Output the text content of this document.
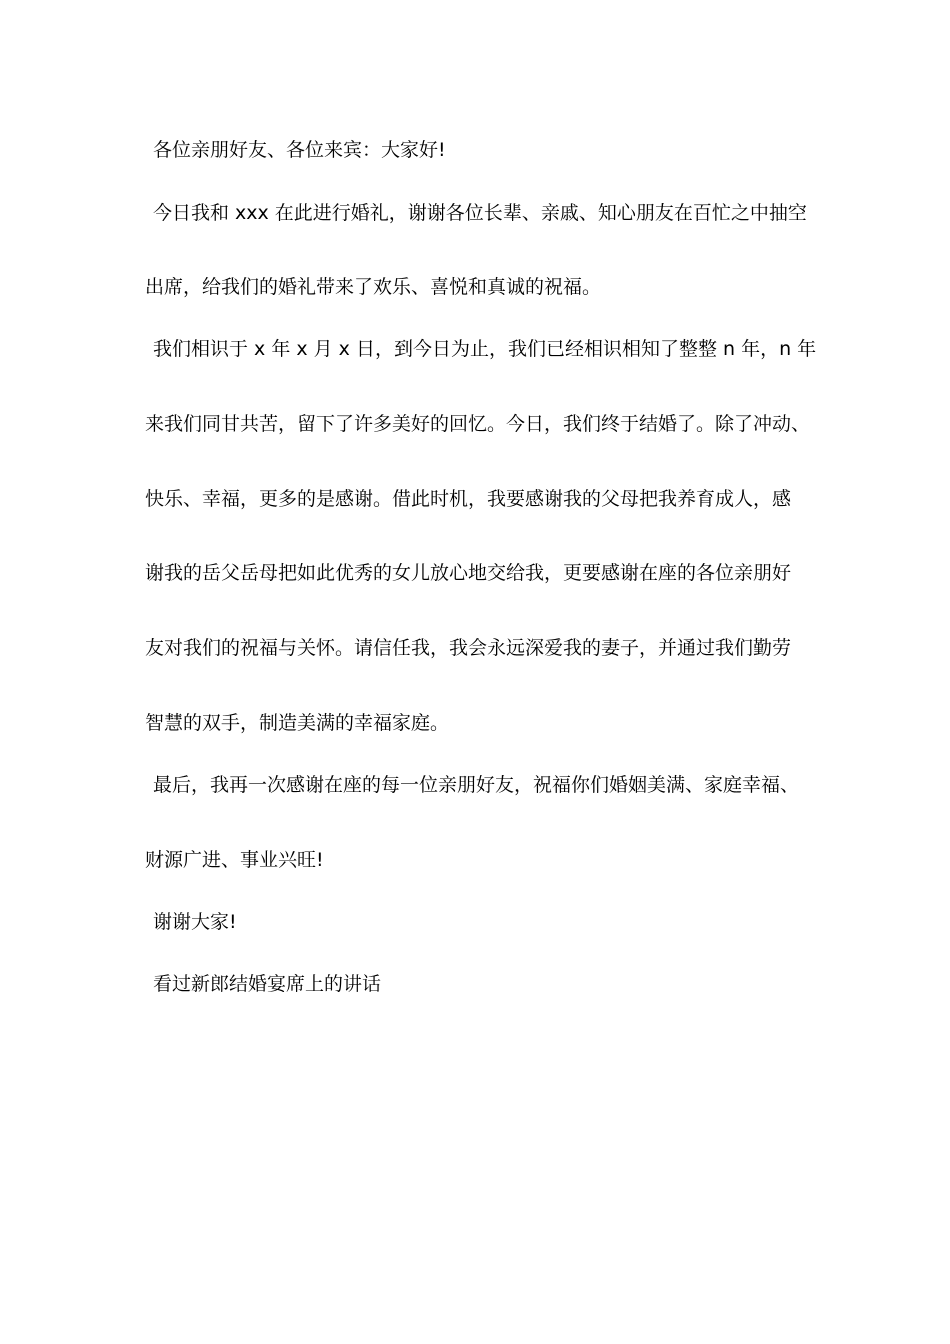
各位亲朋好友、各位来宾：大家好!
今日我和 xxx 在此进行婚礼，谢谢各位长辈、亲戚、知心朋友在百忙之中抽空
出席，给我们的婚礼带来了欢乐、喜悦和真诚的祝福。
我们相识于 x 年 x 月 x 日，到今日为止，我们已经相识相知了整整 n 年，n 年
来我们同甘共苦，留下了许多美好的回忆。今日，我们终于结婚了。除了冲动、
快乐、幸福，更多的是感谢。借此时机，我要感谢我的父母把我养育成人，感
谢我的岳父岳母把如此优秀的女儿放心地交给我，更要感谢在座的各位亲朋好
友对我们的祝福与关怀。请信任我，我会永远深爱我的妻子，并通过我们勤劳
智慧的双手，制造美满的幸福家庭。
最后，我再一次感谢在座的每一位亲朋好友，祝福你们婚姻美满、家庭幸福、
财源广进、事业兴旺!
谢谢大家!
看过新郎结婚宴席上的讲话
